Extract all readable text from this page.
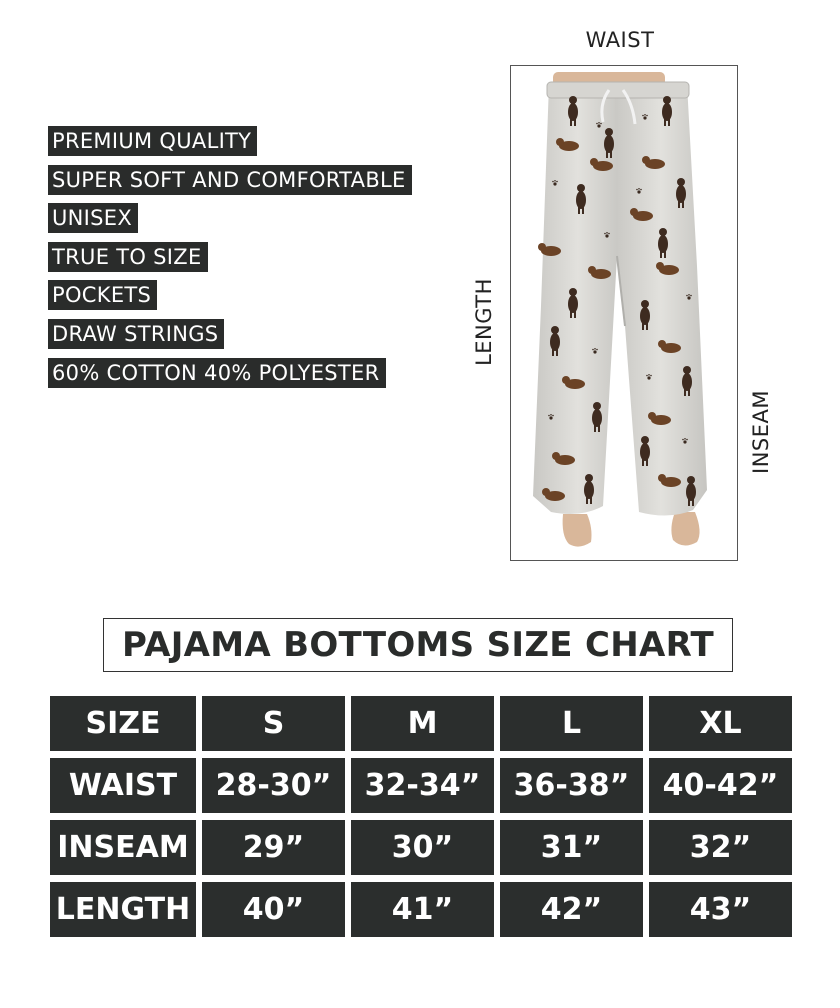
PREMIUM QUALITY
SUPER SOFT AND COMFORTABLE
UNISEX
TRUE TO SIZE
POCKETS
DRAW STRINGS
60% COTTON 40% POLYESTER
WAIST
LENGTH
INSEAM
PAJAMA BOTTOMS SIZE CHART
SIZE	S	M	L	XL
WAIST	28-30”	32-34”	36-38”	40-42”
INSEAM	29”	30”	31”	32”
LENGTH	40”	41”	42”	43”
